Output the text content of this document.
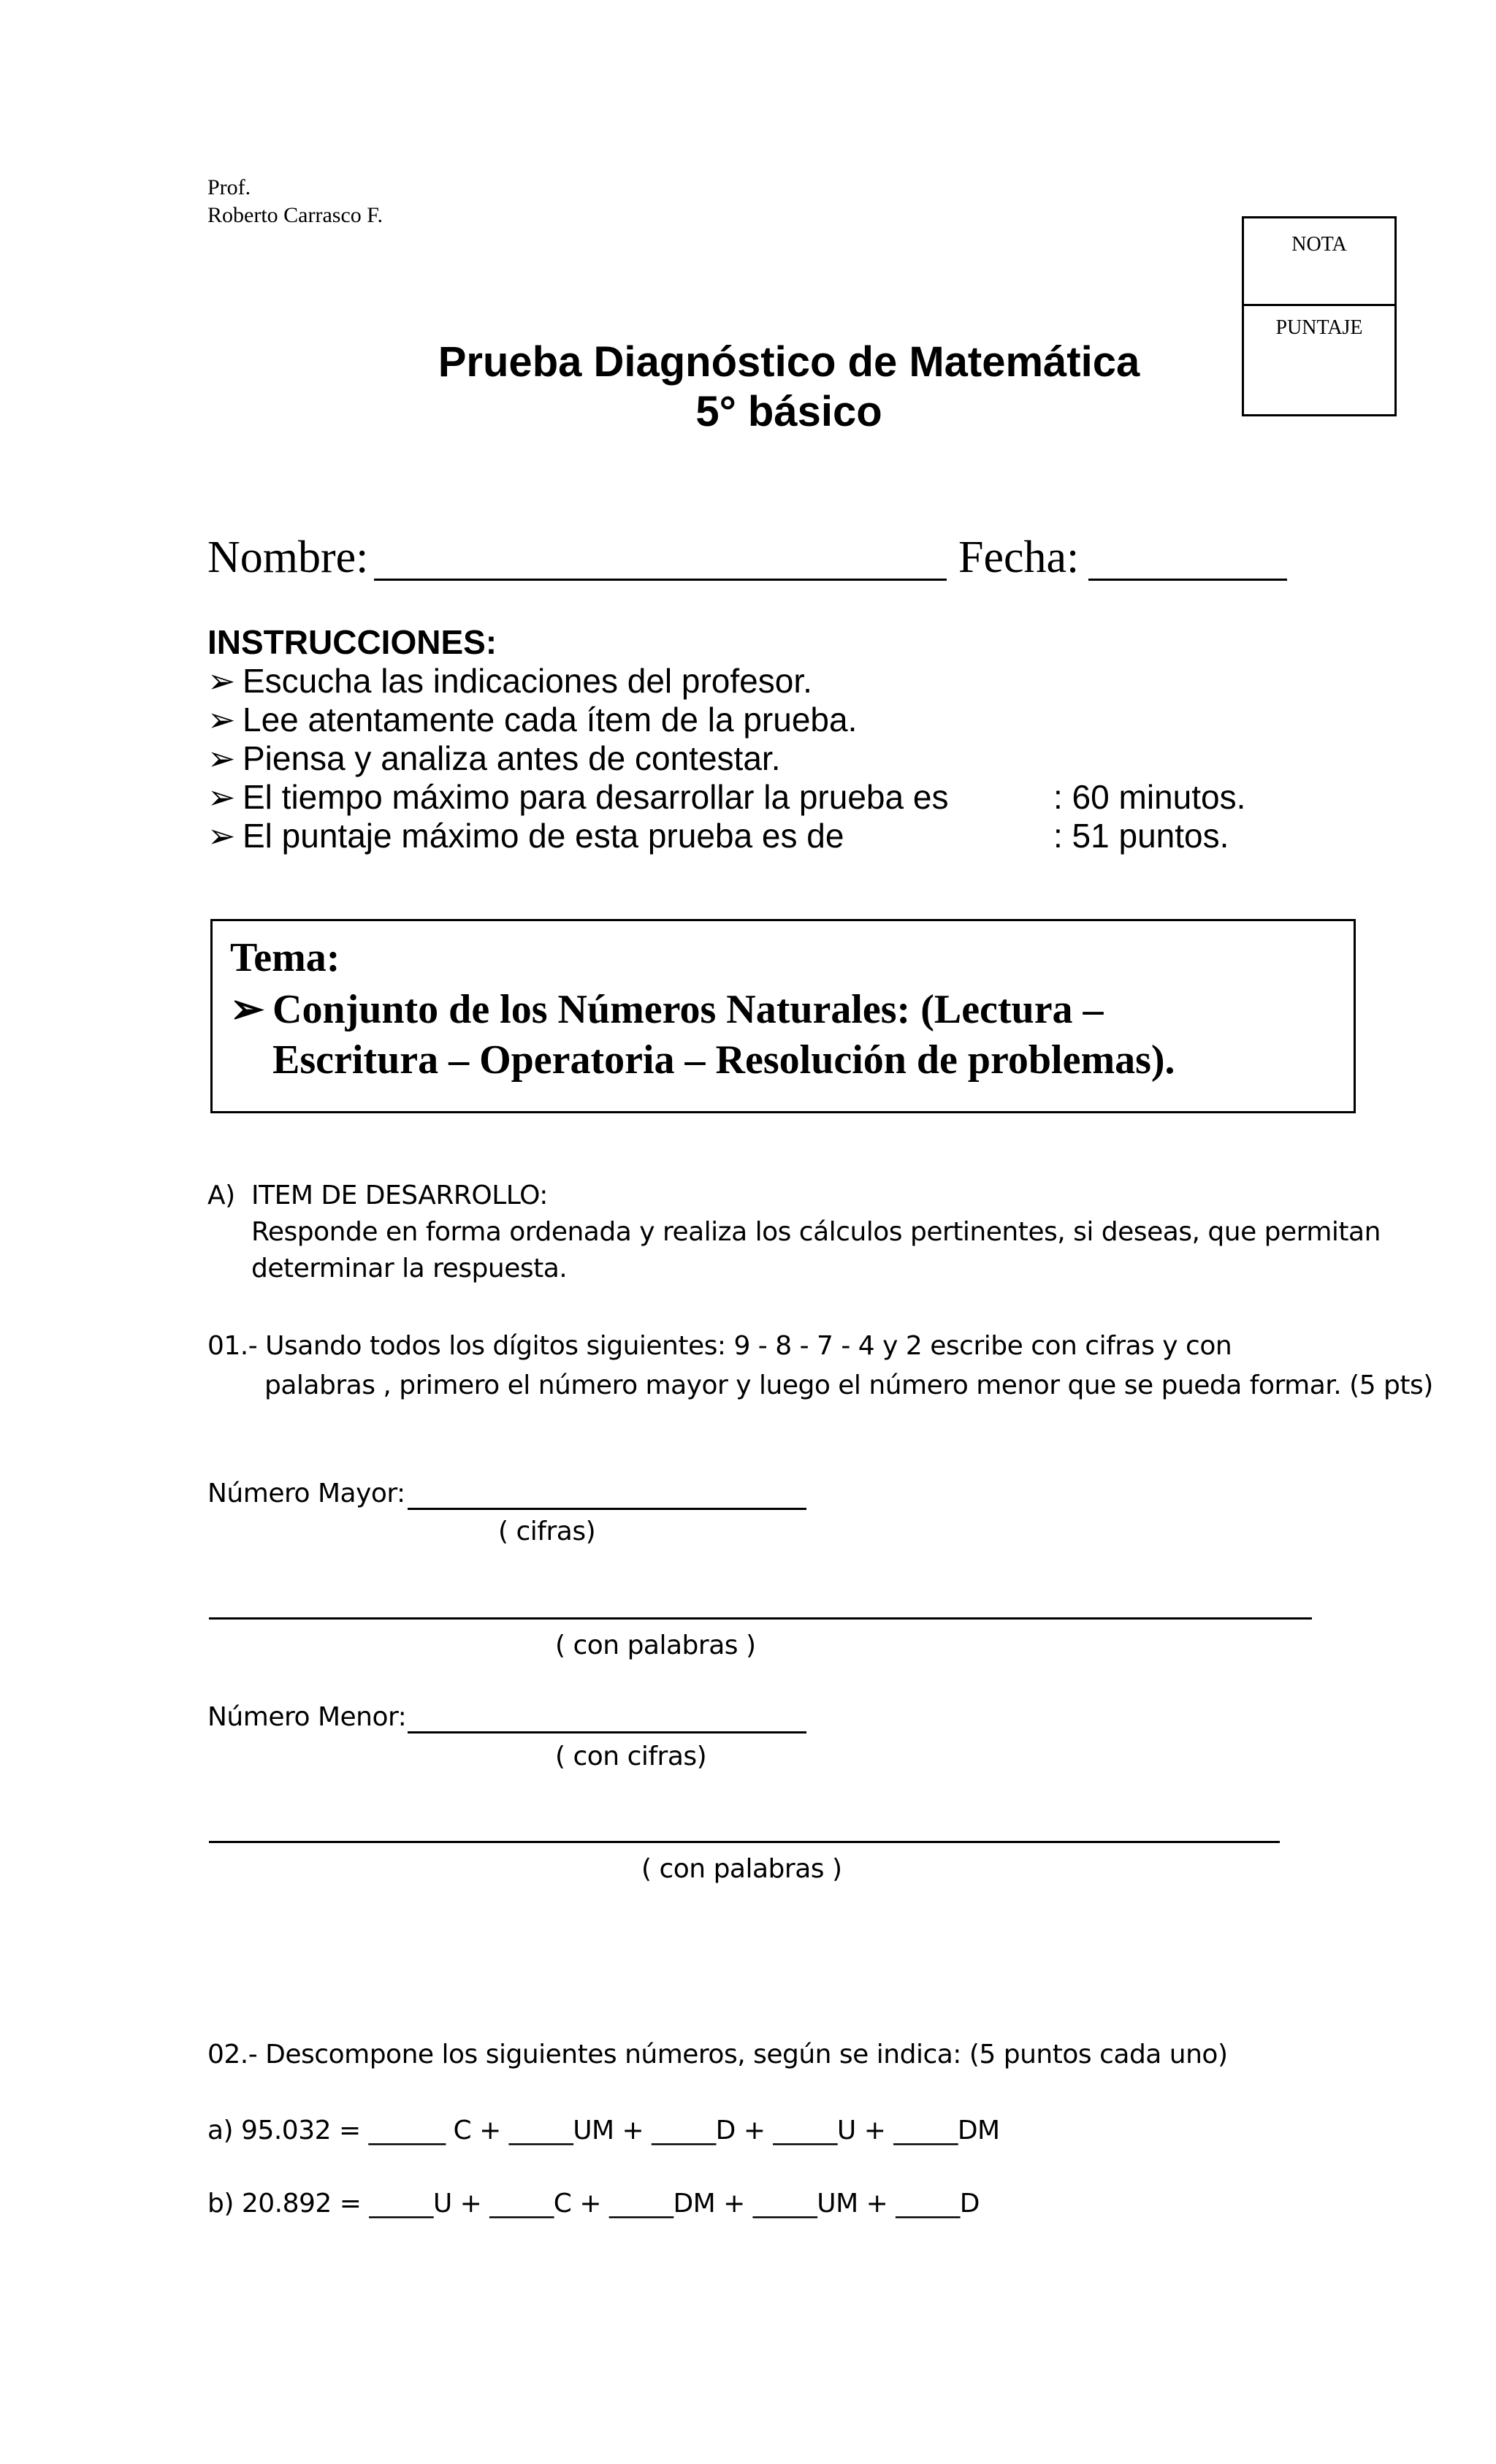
Prof.
Roberto Carrasco F.
NOTA
PUNTAJE
Prueba Diagnóstico de Matemática
5° básico
Nombre:	Fecha:
INSTRUCCIONES:
➢ Escucha las indicaciones del profesor.
➢ Lee atentamente cada ítem de la prueba.
➢ Piensa y analiza antes de contestar.
➢ El tiempo máximo para desarrollar la prueba es	: 60 minutos.
➢ El puntaje máximo de esta prueba es de	: 51 puntos.
Tema:
➢ Conjunto de los Números Naturales: (Lectura –
Escritura – Operatoria – Resolución de problemas).
A) ITEM DE DESARROLLO:
Responde en forma ordenada y realiza los cálculos pertinentes, si deseas, que permitan
determinar la respuesta.
01.- Usando todos los dígitos siguientes: 9 - 8 - 7 - 4 y 2 escribe con cifras y con
palabras , primero el número mayor y luego el número menor que se pueda formar. (5 pts)
Número Mayor:
( cifras)
( con palabras )
Número Menor:
( con cifras)
( con palabras )
02.- Descompone los siguientes números, según se indica: (5 puntos cada uno)
a) 95.032 = ______ C + _____UM + _____D + _____U + _____DM
b) 20.892 = _____U + _____C + _____DM + _____UM + _____D
